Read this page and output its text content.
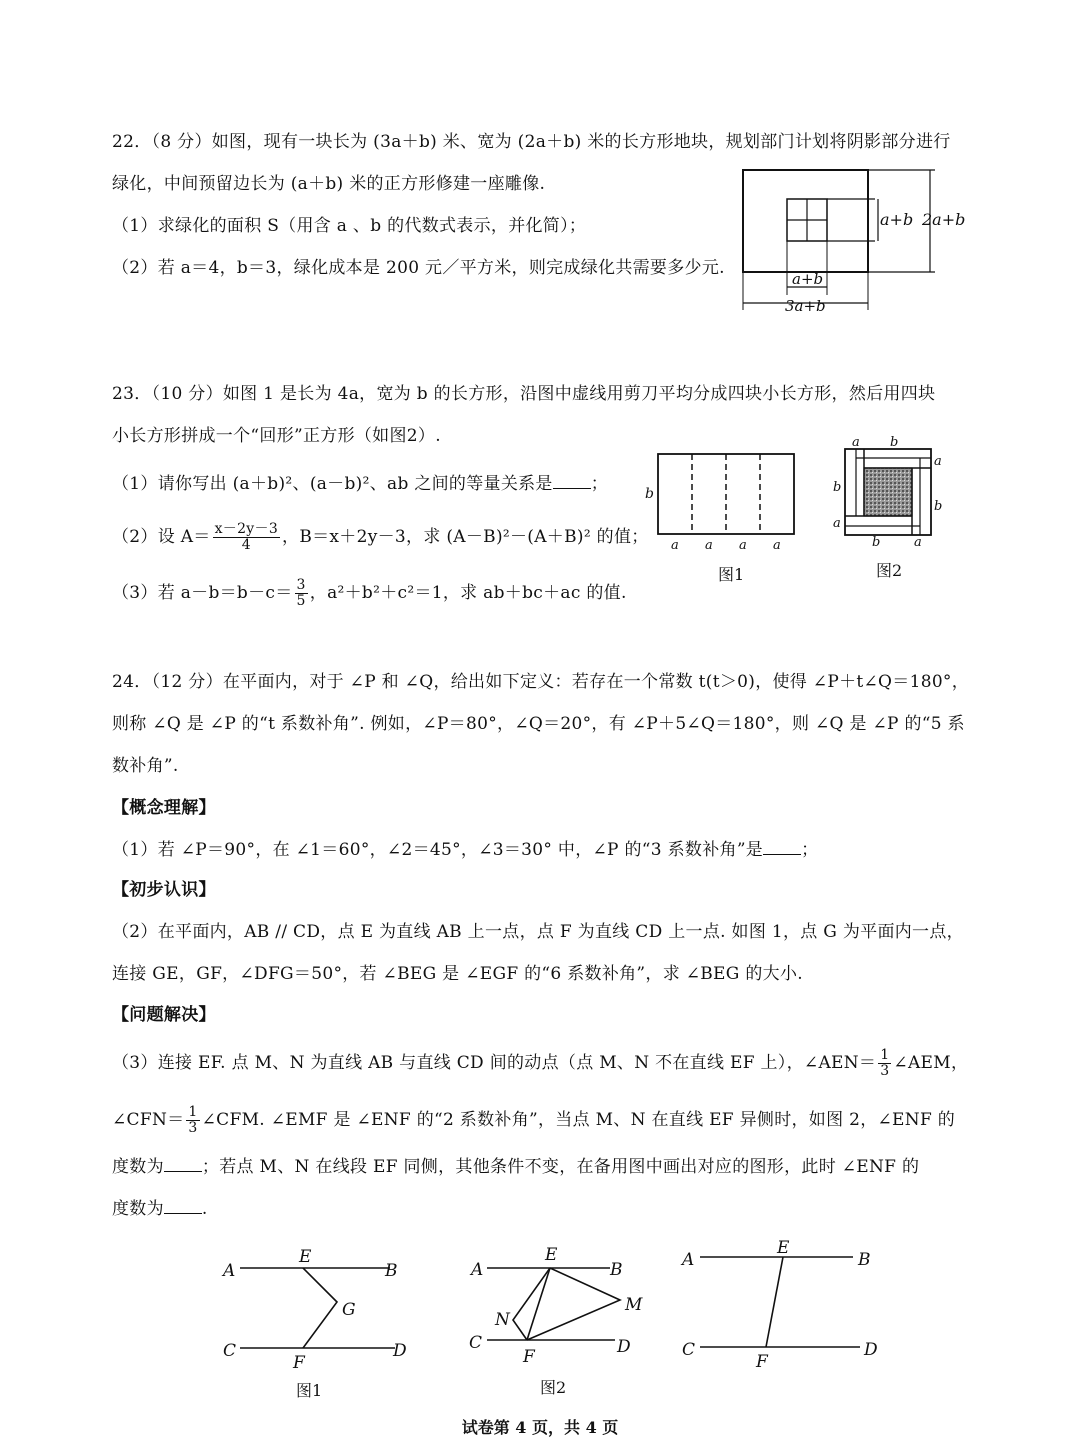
22．（8 分）如图，现有一块长为 (3a＋b) 米、宽为 (2a＋b) 米的长方形地块，规划部门计划将阴影部分进行
绿化，中间预留边长为 (a＋b) 米的正方形修建一座雕像.
（1）求绿化的面积 S（用含 a 、b 的代数式表示，并化简）；
（2）若 a＝4，b＝3，绿化成本是 200 元／平方米，则完成绿化共需要多少元.
a+b 2a+b
a+b
3a+b
23．（10 分）如图 1 是长为 4a，宽为 b 的长方形，沿图中虚线用剪刀平均分成四块小长方形，然后用四块
小长方形拼成一个“回形”正方形（如图2）.
（1）请你写出 (a＋b)²、(a－b)²、ab 之间的等量关系是 ；
（2）设 $A= \frac{x-2y-3}{4}$ ，B＝x＋2y－3，求 (A－B)²－(A＋B)² 的值；
（3）若 $a-b=b-c= \frac{3}{5}$ ，a²＋b²＋c²＝1，求 ab＋bc＋ac 的值.
b
a a a a
图1
a b
a
b
b	a
b
a
图2
24．（12 分）在平面内，对于 ∠P 和 ∠Q，给出如下定义：若存在一个常数 t(t＞0)，使得 ∠P＋t∠Q＝180°，
则称 ∠Q 是 ∠P 的“t 系数补角”. 例如，∠P＝80°，∠Q＝20°，有 ∠P＋5∠Q＝180°，则 ∠Q 是 ∠P 的“5 系
数补角”.
【概念理解】
（1）若 ∠P＝90°，在 ∠1＝60°，∠2＝45°，∠3＝30° 中，∠P 的“3 系数补角”是 ；
【初步认识】
（2）在平面内，AB // CD，点 E 为直线 AB 上一点，点 F 为直线 CD 上一点. 如图 1，点 G 为平面内一点，
连接 GE，GF，∠DFG＝50°，若 ∠BEG 是 ∠EGF 的“6 系数补角”，求 ∠BEG 的大小.
【问题解决】
（3）连接 EF. 点 M、N 为直线 AB 与直线 CD 间的动点（点 M、N 不在直线 EF 上），∠AEN＝ $\frac{1}{3}$ ∠AEM，
∠CFN＝ $\frac{1}{3}$ ∠CFM. ∠EMF 是 ∠ENF 的“2 系数补角”，当点 M、N 在直线 EF 异侧时，如图 2，∠ENF 的
度数为 ；若点 M、N 在线段 EF 同侧，其他条件不变，在备用图中画出对应的图形，此时 ∠ENF 的
度数为 .
A	B
E
G
C	D
F
图1
A	B
E
M
N
C	D
F
图2
A	B
E
C	D
F
试卷第 4 页，共 4 页
